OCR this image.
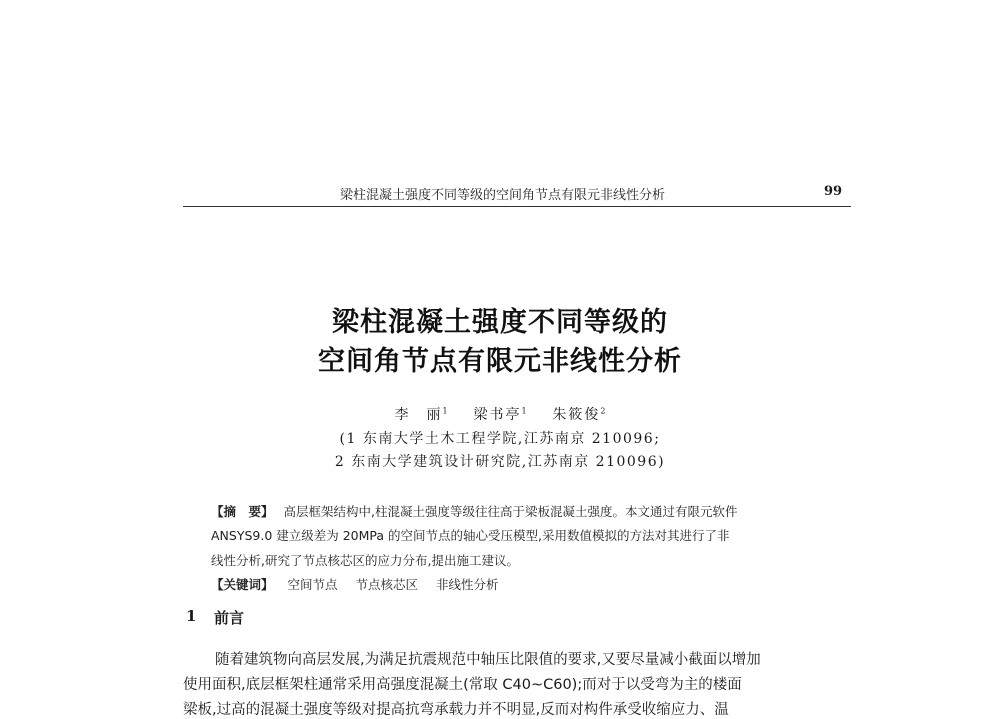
梁柱混凝土强度不同等级的空间角节点有限元非线性分析	99
梁柱混凝土强度不同等级的
空间角节点有限元非线性分析
李　丽$^1$ 梁书亭$^1$ 朱筱俊$^2$
(1 东南大学土木工程学院,江苏南京 210096;
2 东南大学建筑设计研究院,江苏南京 210096)
【摘　要】 高层框架结构中,柱混凝土强度等级往往高于梁板混凝土强度。本文通过有限元软件
ANSYS9.0 建立级差为 20MPa 的空间节点的轴心受压模型,采用数值模拟的方法对其进行了非
线性分析,研究了节点核芯区的应力分布,提出施工建议。
【关键词】 空间节点 节点核芯区 非线性分析
1 前言
随着建筑物向高层发展,为满足抗震规范中轴压比限值的要求,又要尽量减小截面以增加
使用面积,底层框架柱通常采用高强度混凝土(常取 C40~C60);而对于以受弯为主的楼面
梁板,过高的混凝土强度等级对提高抗弯承载力并不明显,反而对构件承受收缩应力、温
